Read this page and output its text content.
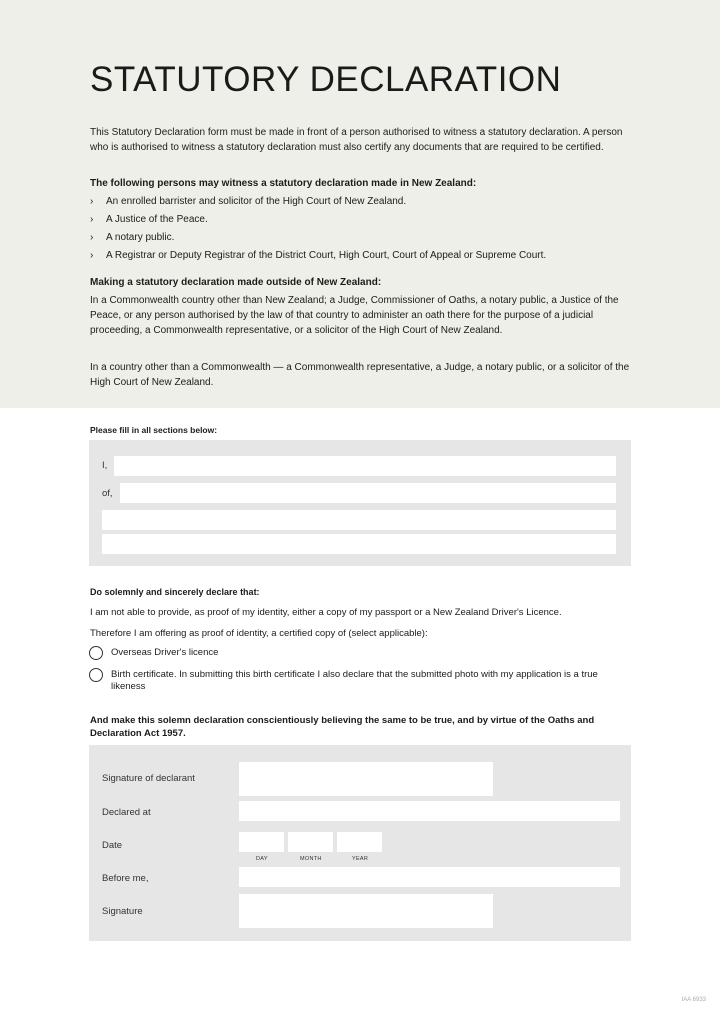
STATUTORY DECLARATION

This Statutory Declaration form must be made in front of a person authorised to witness a statutory declaration. A person who is authorised to witness a statutory declaration must also certify any documents that are required to be certified.

The following persons may witness a statutory declaration made in New Zealand:

› An enrolled barrister and solicitor of the High Court of New Zealand.
› A Justice of the Peace.
› A notary public.
› A Registrar or Deputy Registrar of the District Court, High Court, Court of Appeal or Supreme Court.

Making a statutory declaration made outside of New Zealand:

In a Commonwealth country other than New Zealand; a Judge, Commissioner of Oaths, a notary public, a Justice of the Peace, or any person authorised by the law of that country to administer an oath there for the purpose of a judicial proceeding, a Commonwealth representative, or a solicitor of the High Court of New Zealand.

In a country other than a Commonwealth — a Commonwealth representative, a Judge, a notary public, or a solicitor of the High Court of New Zealand.

Please fill in all sections below:
I,
of,
Do solemnly and sincerely declare that:
I am not able to provide, as proof of my identity, either a copy of my passport or a New Zealand Driver's Licence.
Therefore I am offering as proof of identity, a certified copy of (select applicable):
Overseas Driver's licence
Birth certificate. In submitting this birth certificate I also declare that the submitted photo with my application is a true likeness
And make this solemn declaration conscientiously believing the same to be true, and by virtue of the Oaths and Declaration Act 1957.
Signature of declarant
Declared at
Date
DAY	MONTH	YEAR
Before me,
Signature
IAA 6933
